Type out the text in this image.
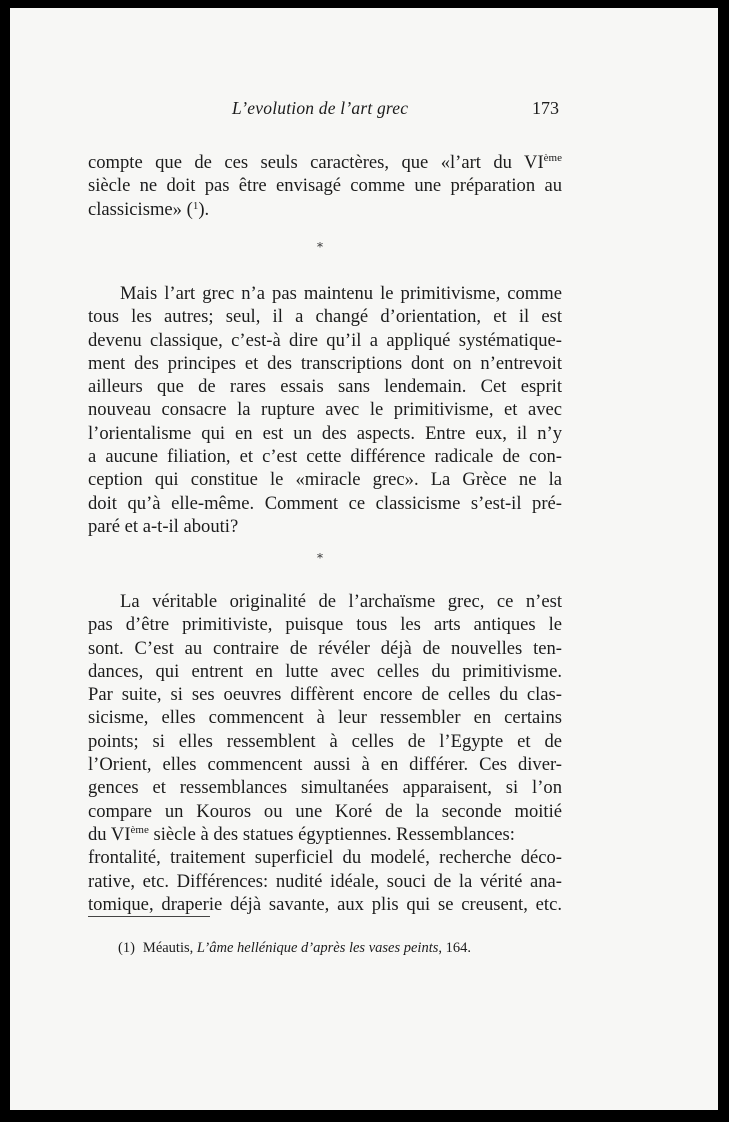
L’evolution de l’art grec	173
compte que de ces seuls caractères, que «l’art du VIème
siècle ne doit pas être envisagé comme une préparation au
classicisme» ($^1$).
*
Mais l’art grec n’a pas maintenu le primitivisme, comme
tous les autres; seul, il a changé d’orientation, et il est
devenu classique, c’est-à dire qu’il a appliqué systématique-
ment des principes et des transcriptions dont on n’entrevoit
ailleurs que de rares essais sans lendemain. Cet esprit
nouveau consacre la rupture avec le primitivisme, et avec
l’orientalisme qui en est un des aspects. Entre eux, il n’y
a aucune filiation, et c’est cette différence radicale de con-
ception qui constitue le «miracle grec». La Grèce ne la
doit qu’à elle-même. Comment ce classicisme s’est-il pré-
paré et a-t-il abouti?
*
La véritable originalité de l’archaïsme grec, ce n’est
pas d’être primitiviste, puisque tous les arts antiques le
sont. C’est au contraire de révéler déjà de nouvelles ten-
dances, qui entrent en lutte avec celles du primitivisme.
Par suite, si ses oeuvres diffèrent encore de celles du clas-
sicisme, elles commencent à leur ressembler en certains
points; si elles ressemblent à celles de l’Egypte et de
l’Orient, elles commencent aussi à en différer. Ces diver-
gences et ressemblances simultanées apparaisent, si l’on
compare un Kouros ou une Koré de la seconde moitié
du VIème siècle à des statues égyptiennes. Ressemblances:
frontalité, traitement superficiel du modelé, recherche déco-
rative, etc. Différences: nudité idéale, souci de la vérité ana-
tomique, draperie déjà savante, aux plis qui se creusent, etc.
(1) Méautis, L’âme hellénique d’après les vases peints, 164.
